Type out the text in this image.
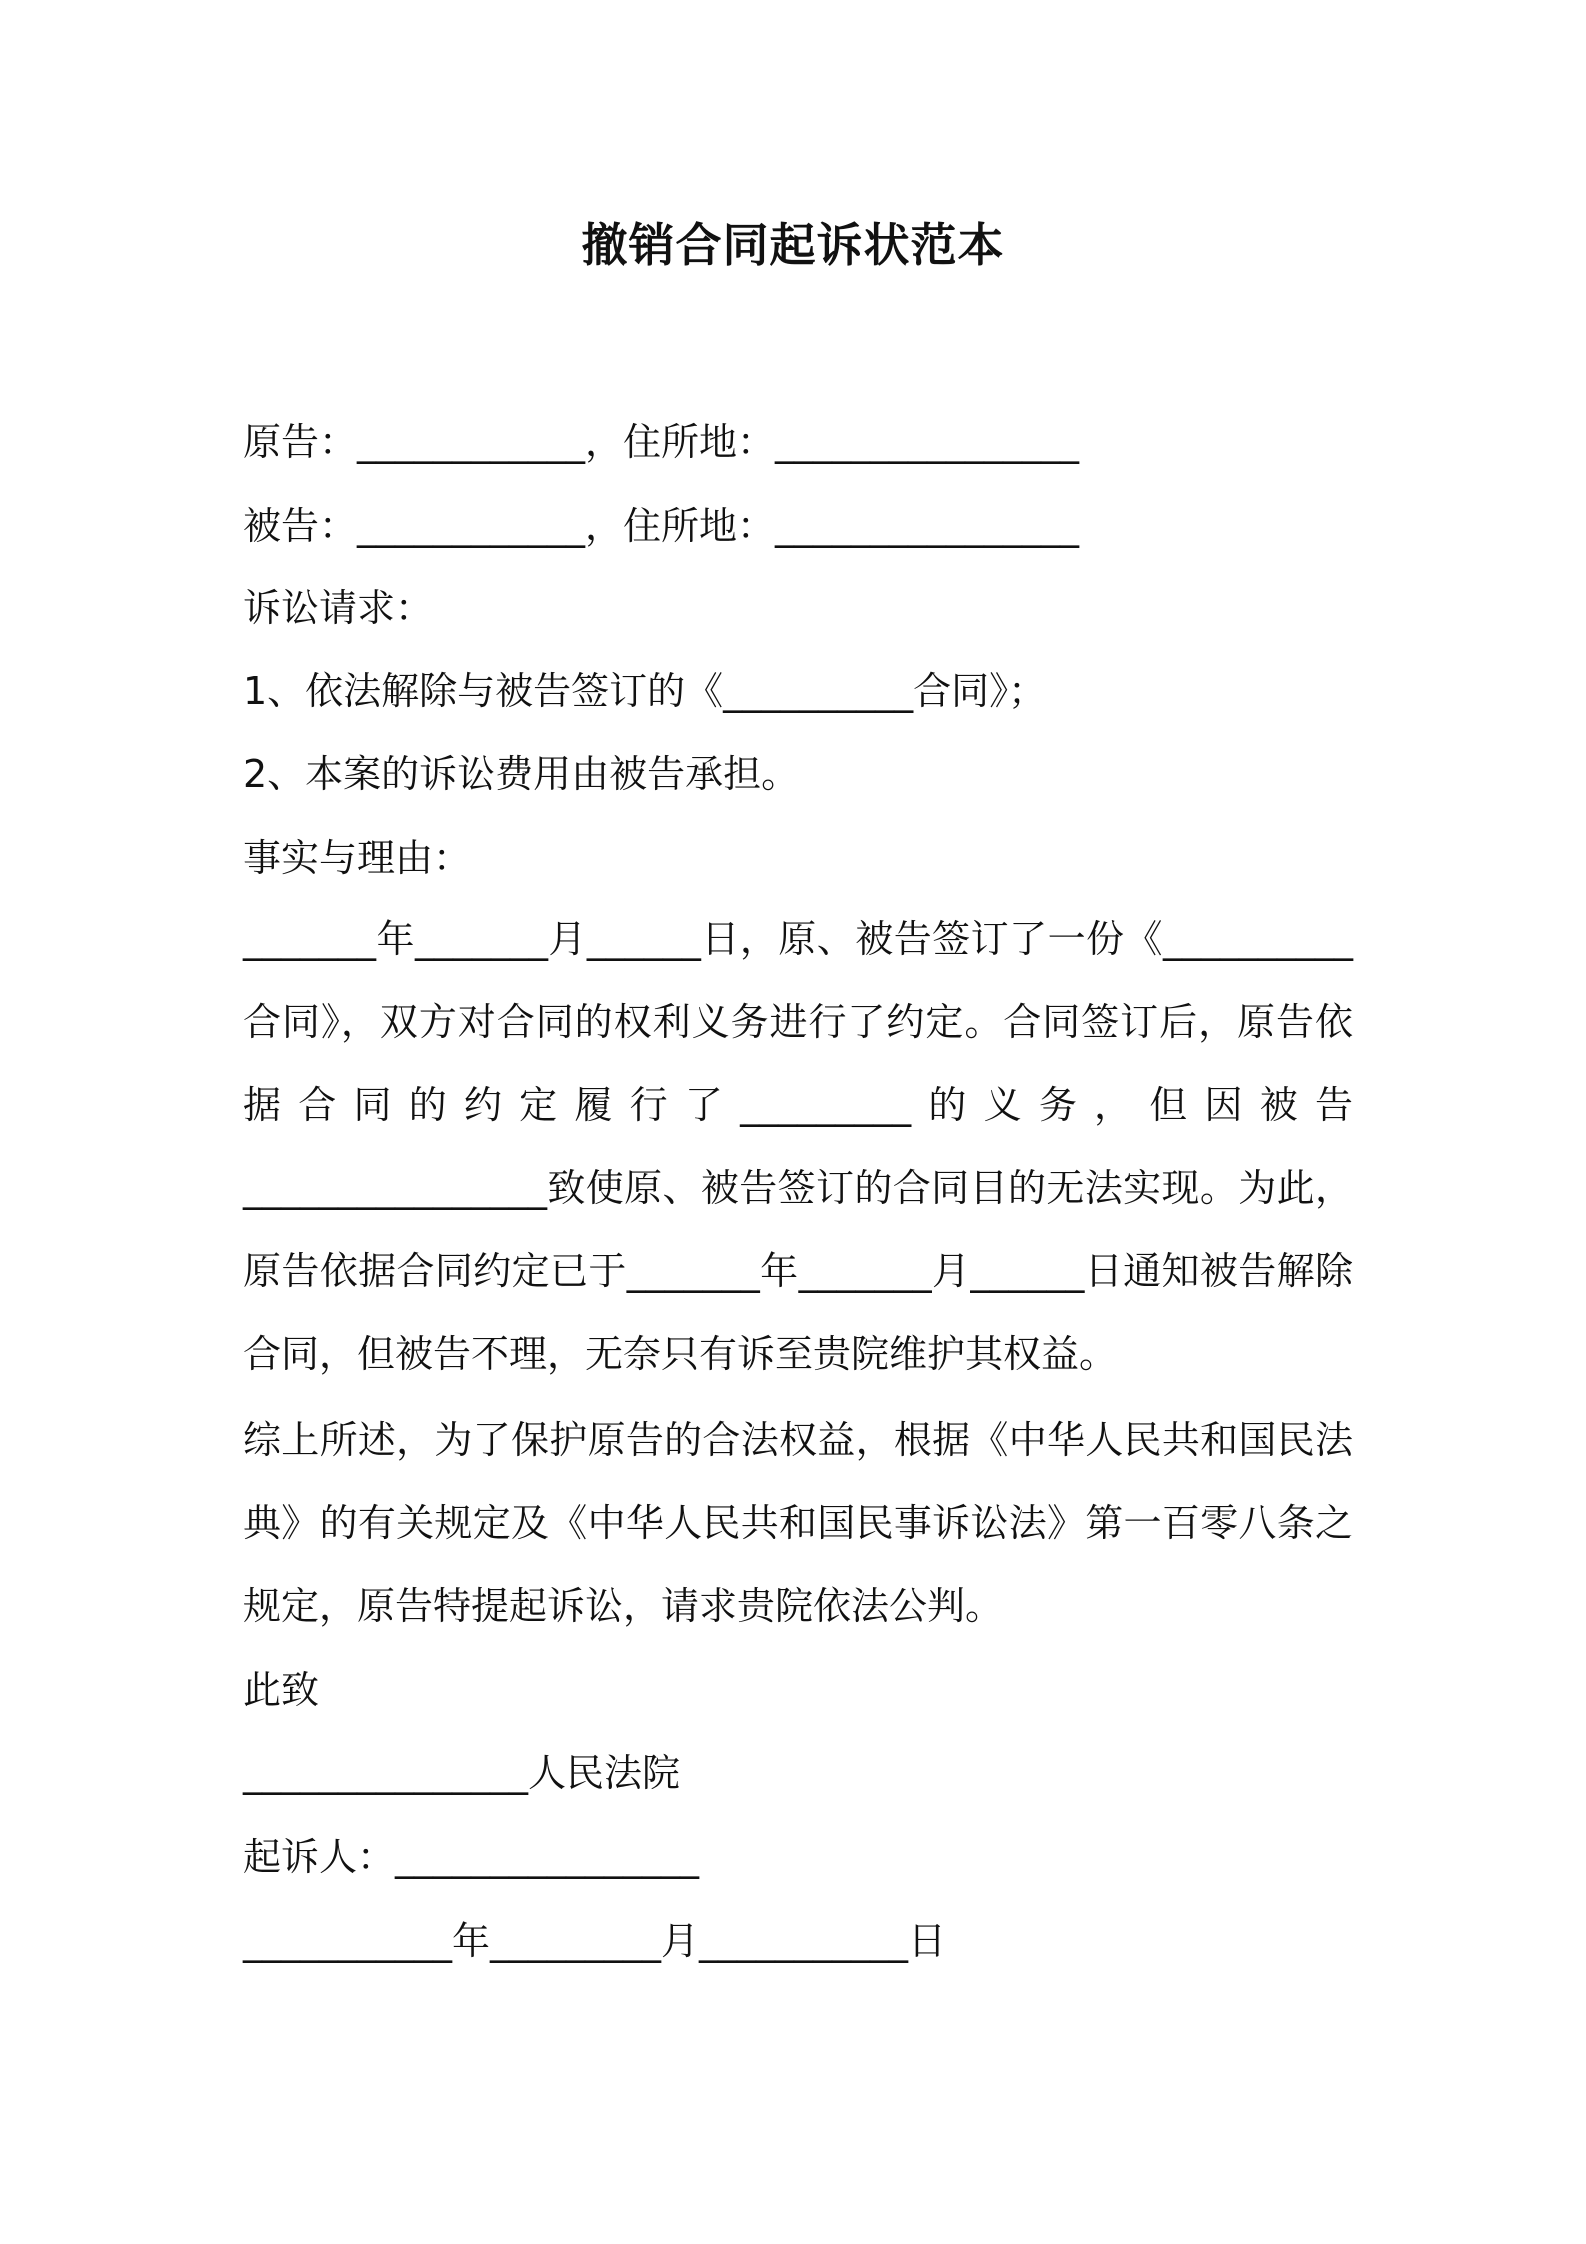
撤销合同起诉状范本
原告：____________，住所地：________________
被告：____________，住所地：________________
诉讼请求：
1、依法解除与被告签订的《__________合同》；
2、本案的诉讼费用由被告承担。
事实与理由：
_______年_______月______日，原、被告签订了一份《__________合同》，双方对合同的权利义务进行了约定。合同签订后，原告依据合同的约定履行了_________的义务，但因被告________________致使原、被告签订的合同目的无法实现。为此，原告依据合同约定已于_______年_______月______日通知被告解除合同，但被告不理，无奈只有诉至贵院维护其权益。
综上所述，为了保护原告的合法权益，根据《中华人民共和国民法典》的有关规定及《中华人民共和国民事诉讼法》第一百零八条之规定，原告特提起诉讼，请求贵院依法公判。
此致
_______________人民法院
起诉人：________________
___________年_________月___________日
